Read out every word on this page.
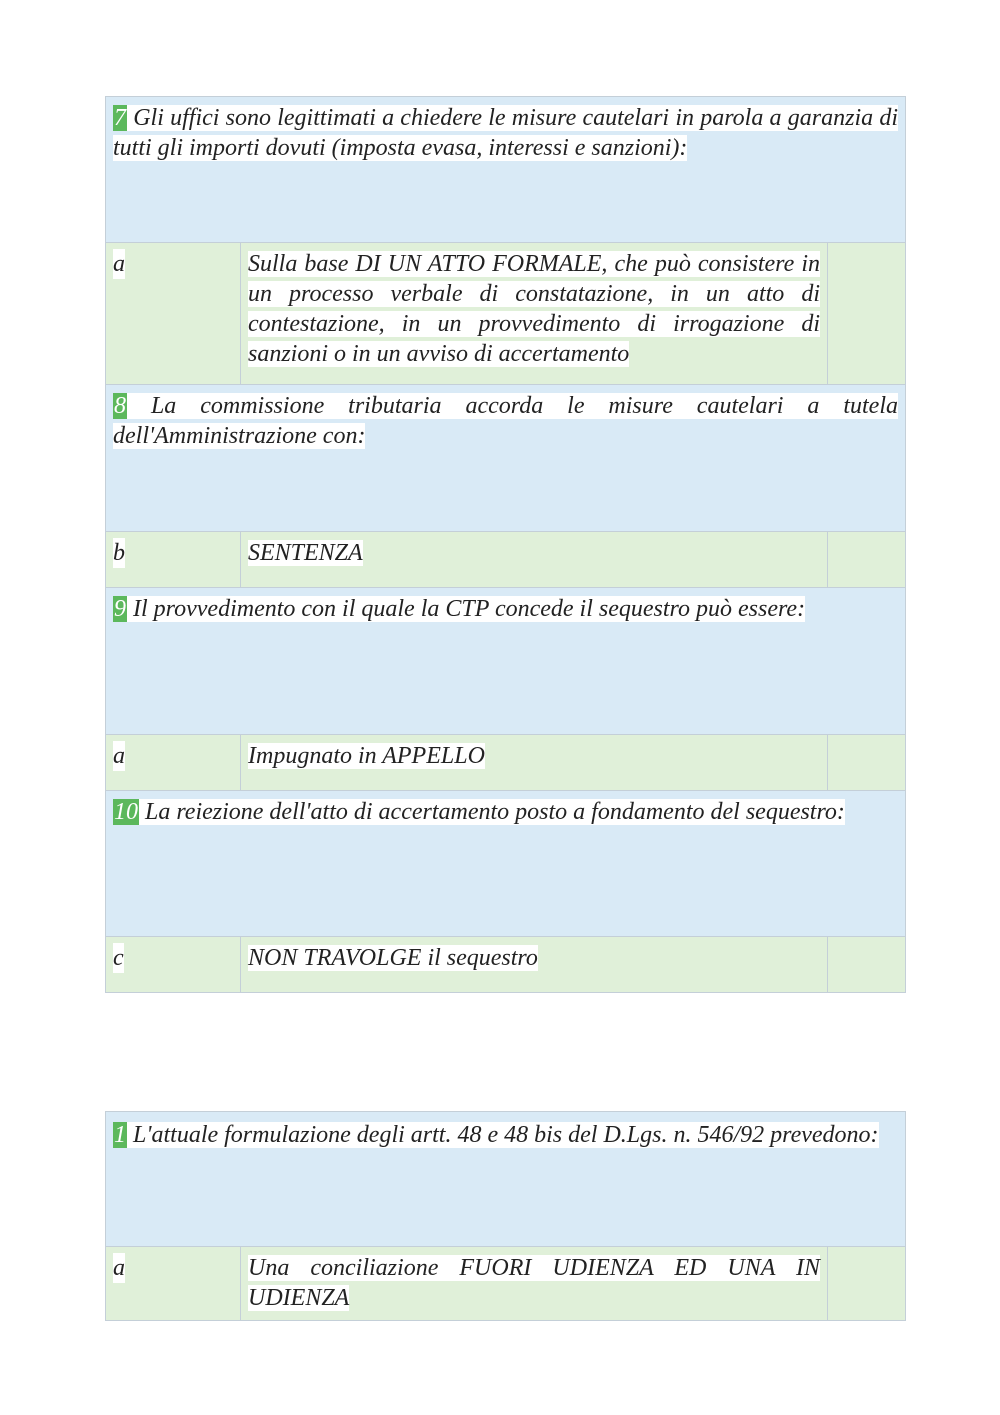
7 Gli uffici sono legittimati a chiedere le misure cautelari in parola a garanzia di tutti gli importi dovuti (imposta evasa, interessi e sanzioni):
a	Sulla base DI UN ATTO FORMALE, che può consistere in un processo verbale di constatazione, in un atto di contestazione, in un provvedimento di irrogazione di sanzioni o in un avviso di accertamento
8 La commissione tributaria accorda le misure cautelari a tutela dell'Amministrazione con:
b	SENTENZA
9 Il provvedimento con il quale la CTP concede il sequestro può essere:
a	Impugnato in APPELLO
10 La reiezione dell'atto di accertamento posto a fondamento del sequestro:
c	NON TRAVOLGE il sequestro
1 L'attuale formulazione degli artt. 48 e 48 bis del D.Lgs. n. 546/92 prevedono:
a	Una conciliazione FUORI UDIENZA ED UNA IN UDIENZA
